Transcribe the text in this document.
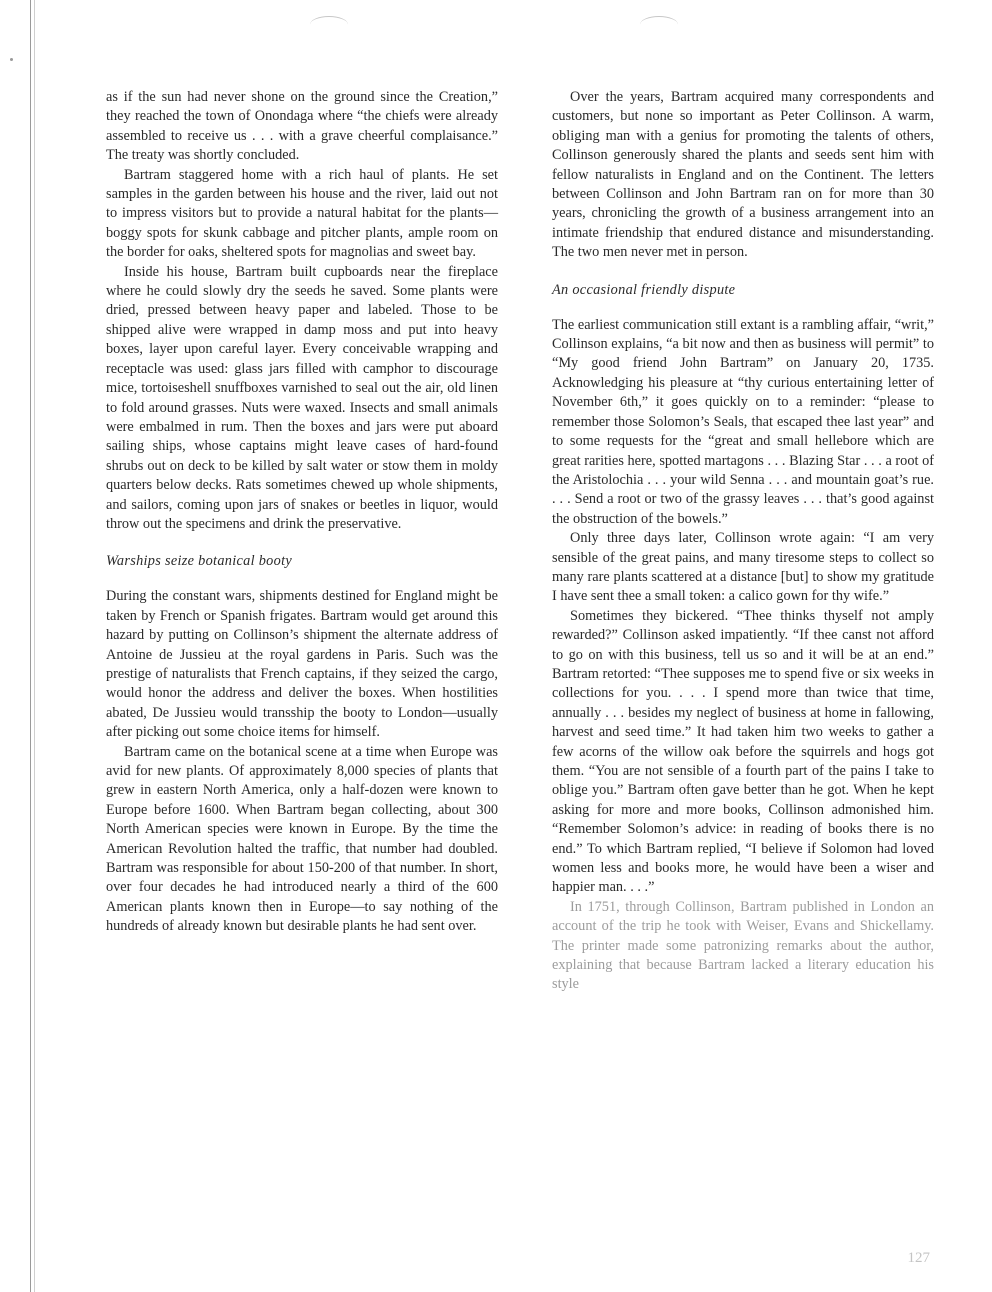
as if the sun had never shone on the ground since the Creation,” they reached the town of Onondaga where “the chiefs were already assembled to receive us . . . with a grave cheerful complaisance.” The treaty was shortly concluded.

Bartram staggered home with a rich haul of plants. He set samples in the garden between his house and the river, laid out not to impress visitors but to provide a natural habitat for the plants—boggy spots for skunk cabbage and pitcher plants, ample room on the border for oaks, sheltered spots for magnolias and sweet bay.

Inside his house, Bartram built cupboards near the fireplace where he could slowly dry the seeds he saved. Some plants were dried, pressed between heavy paper and labeled. Those to be shipped alive were wrapped in damp moss and put into heavy boxes, layer upon careful layer. Every conceivable wrapping and receptacle was used: glass jars filled with camphor to discourage mice, tortoiseshell snuffboxes varnished to seal out the air, old linen to fold around grasses. Nuts were waxed. Insects and small animals were embalmed in rum. Then the boxes and jars were put aboard sailing ships, whose captains might leave cases of hard-found shrubs out on deck to be killed by salt water or stow them in moldy quarters below decks. Rats sometimes chewed up whole shipments, and sailors, coming upon jars of snakes or beetles in liquor, would throw out the specimens and drink the preservative.

Warships seize botanical booty

During the constant wars, shipments destined for England might be taken by French or Spanish frigates. Bartram would get around this hazard by putting on Collinson’s shipment the alternate address of Antoine de Jussieu at the royal gardens in Paris. Such was the prestige of naturalists that French captains, if they seized the cargo, would honor the address and deliver the boxes. When hostilities abated, De Jussieu would transship the booty to London—usually after picking out some choice items for himself.

Bartram came on the botanical scene at a time when Europe was avid for new plants. Of approximately 8,000 species of plants that grew in eastern North America, only a half-dozen were known to Europe before 1600. When Bartram began collecting, about 300 North American species were known in Europe. By the time the American Revolution halted the traffic, that number had doubled. Bartram was responsible for about 150-200 of that number. In short, over four decades he had introduced nearly a third of the 600 American plants known then in Europe—to say nothing of the hundreds of already known but desirable plants he had sent over.

Over the years, Bartram acquired many correspondents and customers, but none so important as Peter Collinson. A warm, obliging man with a genius for promoting the talents of others, Collinson generously shared the plants and seeds sent him with fellow naturalists in England and on the Continent. The letters between Collinson and John Bartram ran on for more than 30 years, chronicling the growth of a business arrangement into an intimate friendship that endured distance and misunderstanding. The two men never met in person.

An occasional friendly dispute

The earliest communication still extant is a rambling affair, “writ,” Collinson explains, “a bit now and then as business will permit” to “My good friend John Bartram” on January 20, 1735. Acknowledging his pleasure at “thy curious entertaining letter of November 6th,” it goes quickly on to a reminder: “please to remember those Solomon’s Seals, that escaped thee last year” and to some requests for the “great and small hellebore which are great rarities here, spotted martagons . . . Blazing Star . . . a root of the Aristolochia . . . your wild Senna . . . and mountain goat’s rue. . . . Send a root or two of the grassy leaves . . . that’s good against the obstruction of the bowels.”

Only three days later, Collinson wrote again: “I am very sensible of the great pains, and many tiresome steps to collect so many rare plants scattered at a distance [but] to show my gratitude I have sent thee a small token: a calico gown for thy wife.”

Sometimes they bickered. “Thee thinks thyself not amply rewarded?” Collinson asked impatiently. “If thee canst not afford to go on with this business, tell us so and it will be at an end.” Bartram retorted: “Thee supposes me to spend five or six weeks in collections for you. . . . I spend more than twice that time, annually . . . besides my neglect of business at home in fallowing, harvest and seed time.” It had taken him two weeks to gather a few acorns of the willow oak before the squirrels and hogs got them. “You are not sensible of a fourth part of the pains I take to oblige you.” Bartram often gave better than he got. When he kept asking for more and more books, Collinson admonished him. “Remember Solomon’s advice: in reading of books there is no end.” To which Bartram replied, “I believe if Solomon had loved women less and books more, he would have been a wiser and happier man. . . .”

In 1751, through Collinson, Bartram published in London an account of the trip he took with Weiser, Evans and Shickellamy. The printer made some patronizing remarks about the author, explaining that because Bartram lacked a literary education his style

127
